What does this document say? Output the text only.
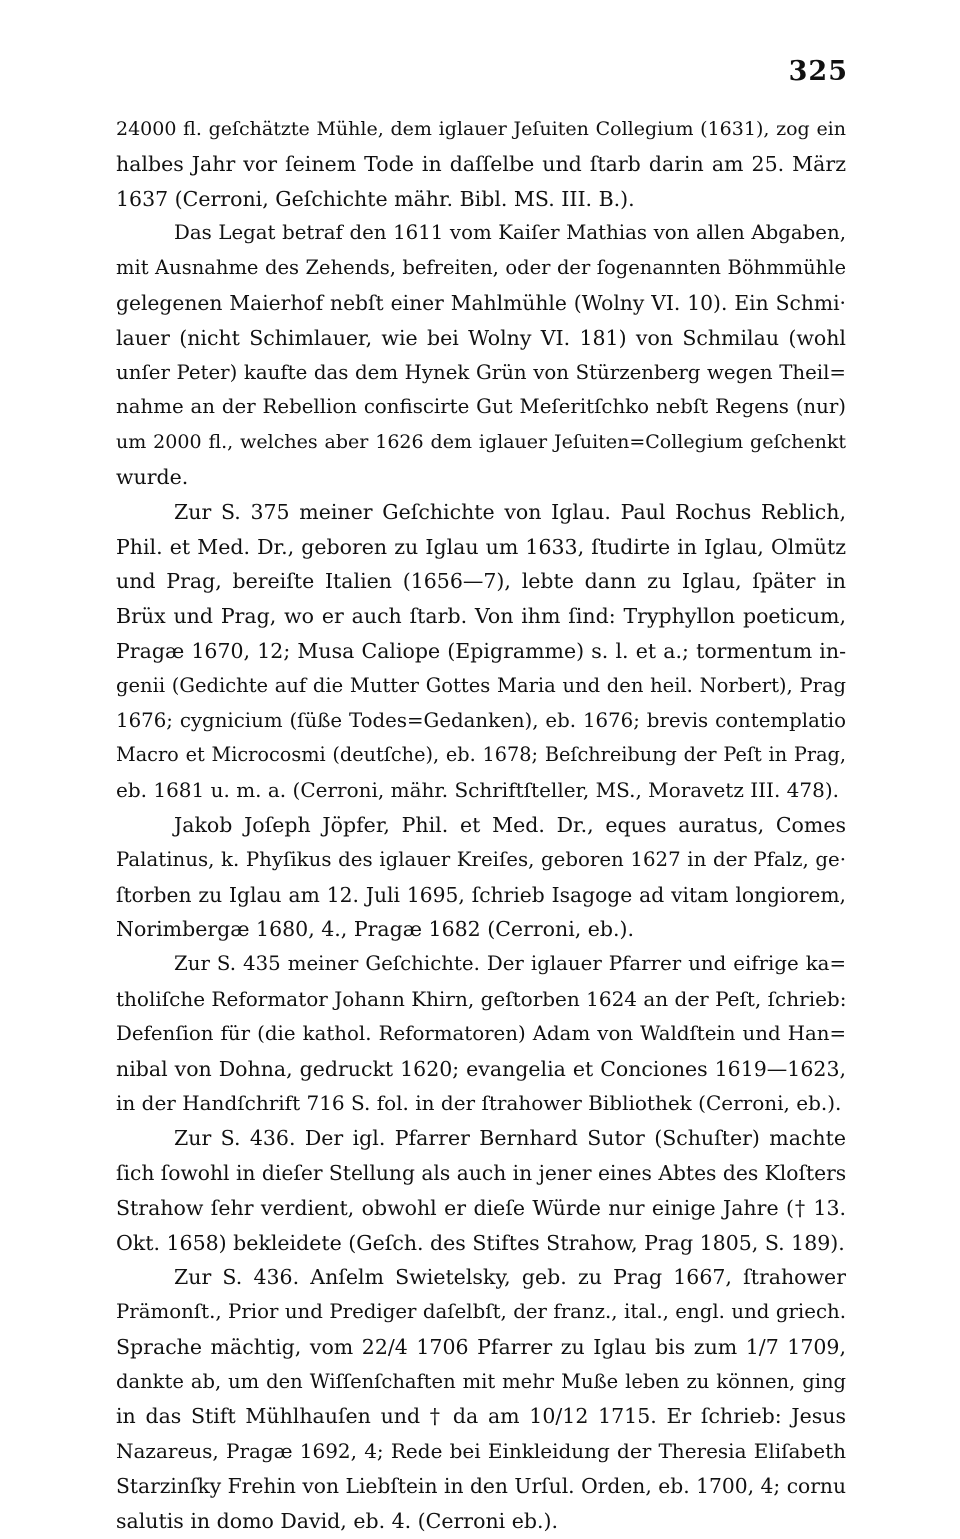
325
24000 fl. geſchätzte Mühle, dem iglauer Jeſuiten Collegium (1631), zog ein
halbes Jahr vor ſeinem Tode in daſſelbe und ſtarb darin am 25. März
1637 (Cerroni, Geſchichte mähr. Bibl. MS. III. B.).
Das Legat betraf den 1611 vom Kaiſer Mathias von allen Abgaben,
mit Ausnahme des Zehends, befreiten, oder der ſogenannten Böhmmühle
gelegenen Maierhof nebſt einer Mahlmühle (Wolny VI. 10). Ein Schmi·
lauer (nicht Schimlauer, wie bei Wolny VI. 181) von Schmilau (wohl
unſer Peter) kaufte das dem Hynek Grün von Stürzenberg wegen Theil=
nahme an der Rebellion confiscirte Gut Meſeritſchko nebſt Regens (nur)
um 2000 fl., welches aber 1626 dem iglauer Jeſuiten=Collegium geſchenkt
wurde.
Zur S. 375 meiner Geſchichte von Iglau. Paul Rochus Reblich,
Phil. et Med. Dr., geboren zu Iglau um 1633, ſtudirte in Iglau, Olmütz
und Prag, bereiſte Italien (1656—7), lebte dann zu Iglau, ſpäter in
Brüx und Prag, wo er auch ſtarb. Von ihm ſind: Tryphyllon poeticum,
Pragæ 1670, 12; Musa Caliope (Epigramme) s. l. et a.; tormentum in-
genii (Gedichte auf die Mutter Gottes Maria und den heil. Norbert), Prag
1676; cygnicium (ſüße Todes=Gedanken), eb. 1676; brevis contemplatio
Macro et Microcosmi (deutſche), eb. 1678; Beſchreibung der Peſt in Prag,
eb. 1681 u. m. a. (Cerroni, mähr. Schriftſteller, MS., Moravetz III. 478).
Jakob Joſeph Jöpfer, Phil. et Med. Dr., eques auratus, Comes
Palatinus, k. Phyſikus des iglauer Kreiſes, geboren 1627 in der Pfalz, ge·
ſtorben zu Iglau am 12. Juli 1695, ſchrieb Isagoge ad vitam longiorem,
Norimbergæ 1680, 4., Pragæ 1682 (Cerroni, eb.).
Zur S. 435 meiner Geſchichte. Der iglauer Pfarrer und eifrige ka=
tholiſche Reformator Johann Khirn, geſtorben 1624 an der Peſt, ſchrieb:
Defenſion für (die kathol. Reformatoren) Adam von Waldſtein und Han=
nibal von Dohna, gedruckt 1620; evangelia et Conciones 1619—1623,
in der Handſchrift 716 S. fol. in der ſtrahower Bibliothek (Cerroni, eb.).
Zur S. 436. Der igl. Pfarrer Bernhard Sutor (Schuſter) machte
ſich ſowohl in dieſer Stellung als auch in jener eines Abtes des Kloſters
Strahow ſehr verdient, obwohl er dieſe Würde nur einige Jahre († 13.
Okt. 1658) bekleidete (Geſch. des Stiftes Strahow, Prag 1805, S. 189).
Zur S. 436. Anſelm Swietelsky, geb. zu Prag 1667, ſtrahower
Prämonſt., Prior und Prediger daſelbſt, der franz., ital., engl. und griech.
Sprache mächtig, vom 22/4 1706 Pfarrer zu Iglau bis zum 1/7 1709,
dankte ab, um den Wiſſenſchaften mit mehr Muße leben zu können, ging
in das Stift Mühlhauſen und † da am 10/12 1715. Er ſchrieb: Jesus
Nazareus, Pragæ 1692, 4; Rede bei Einkleidung der Theresia Eliſabeth
Starzinſky Frehin von Liebſtein in den Urſul. Orden, eb. 1700, 4; cornu
salutis in domo David, eb. 4. (Cerroni eb.).
